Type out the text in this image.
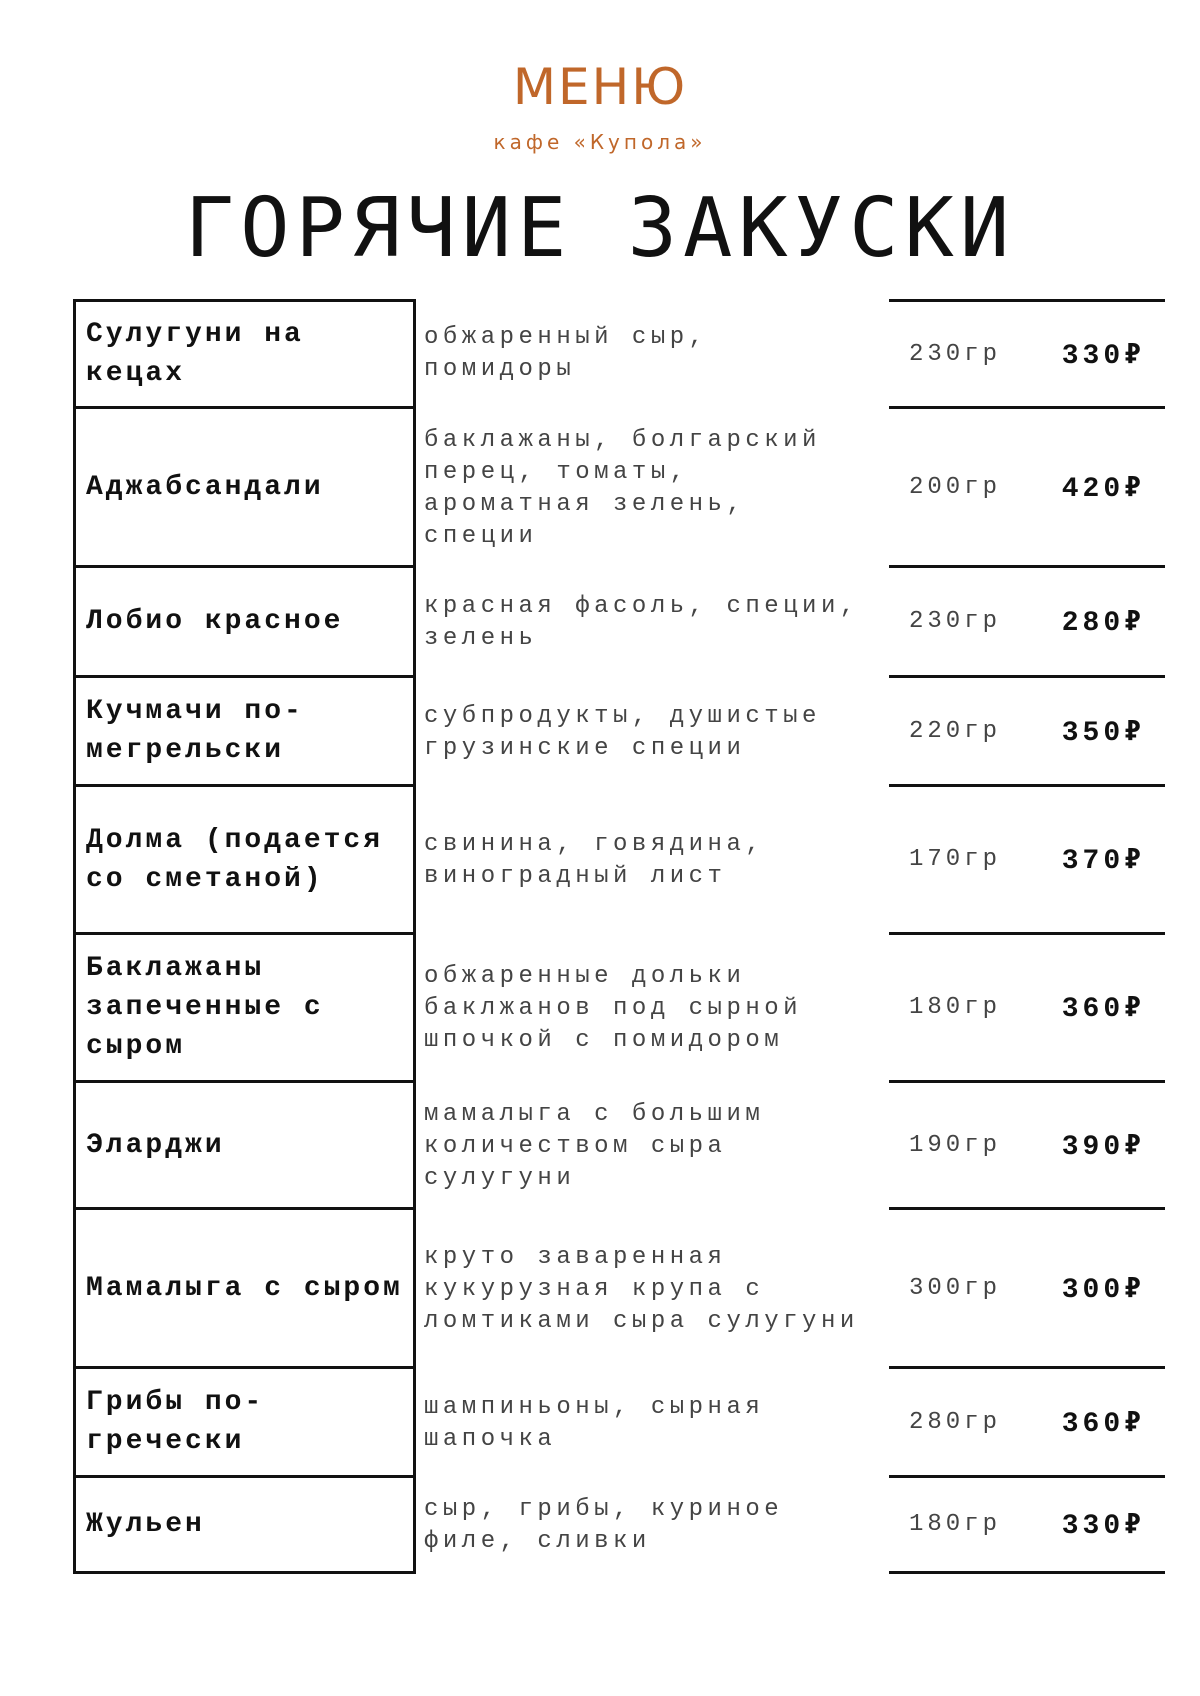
МЕНЮ
кафе «Купола»
ГОРЯЧИЕ ЗАКУСКИ
Сулугуни на кецах
обжаренный сыр, помидоры
230гр 330₽
Аджабсандали
баклажаны, болгарский перец, томаты, ароматная зелень, специи
200гр 420₽
Лобио красное	красная фасоль, специи, зелень
230гр 280₽
Кучмачи по-мегрельски
субпродукты, душистые грузинские специи
220гр 350₽
Долма (подается со сметаной)
свинина, говядина, виноградный лист
170гр 370₽
Баклажаны запеченные с сыром
обжаренные дольки баклжанов под сырной шпочкой с помидором
180гр 360₽
Эларджи
мамалыга с большим количеством сыра сулугуни
190гр 390₽
Мамалыга с сыром
круто заваренная кукурузная крупа с ломтиками сыра сулугуни
300гр 300₽
Грибы по-гречески
шампиньоны, сырная шапочка
280гр 360₽
Жульен	сыр, грибы, куриное филе, сливки
180гр 330₽
